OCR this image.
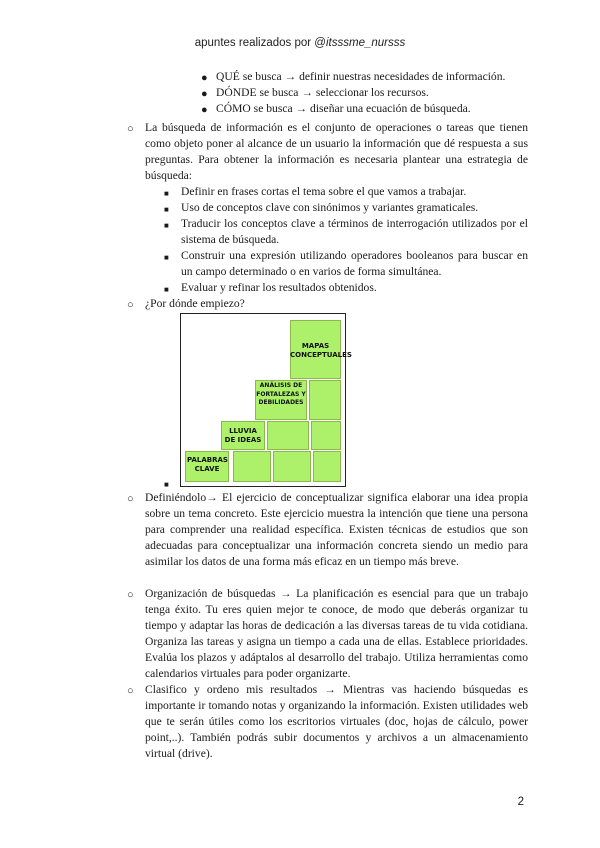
apuntes realizados por @itsssme_nursss
● QUÉ se busca → definir nuestras necesidades de información.
● DÓNDE se busca → seleccionar los recursos.
● CÓMO se busca → diseñar una ecuación de búsqueda.
○ La búsqueda de información es el conjunto de operaciones o tareas que tienen como objeto poner al alcance de un usuario la información que dé respuesta a sus preguntas. Para obtener la información es necesaria plantear una estrategia de búsqueda:
■ Definir en frases cortas el tema sobre el que vamos a trabajar.
■ Uso de conceptos clave con sinónimos y variantes gramaticales.
■ Traducir los conceptos clave a términos de interrogación utilizados por el sistema de búsqueda.
■ Construir una expresión utilizando operadores booleanos para buscar en un campo determinado o en varios de forma simultánea.
■ Evaluar y refinar los resultados obtenidos.
○ ¿Por dónde empiezo?
PALABRAS CLAVE
LLUVIA DE IDEAS
ANÁLISIS DE FORTALEZAS Y DEBILIDADES
MAPAS CONCEPTUALES
■
○ Definiéndolo→ El ejercicio de conceptualizar significa elaborar una idea propia sobre un tema concreto. Este ejercicio muestra la intención que tiene una persona para comprender una realidad específica. Existen técnicas de estudios que son adecuadas para conceptualizar una información concreta siendo un medio para asimilar los datos de una forma más eficaz en un tiempo más breve.
○ Organización de búsquedas → La planificación es esencial para que un trabajo tenga éxito. Tu eres quien mejor te conoce, de modo que deberás organizar tu tiempo y adaptar las horas de dedicación a las diversas tareas de tu vida cotidiana. Organiza las tareas y asigna un tiempo a cada una de ellas. Establece prioridades. Evalúa los plazos y adáptalos al desarrollo del trabajo. Utiliza herramientas como calendarios virtuales para poder organizarte.
○ Clasifico y ordeno mis resultados → Mientras vas haciendo búsquedas es importante ir tomando notas y organizando la información. Existen utilidades web que te serán útiles como los escritorios virtuales (doc, hojas de cálculo, power point,..). También podrás subir documentos y archivos a un almacenamiento virtual (drive).
2
